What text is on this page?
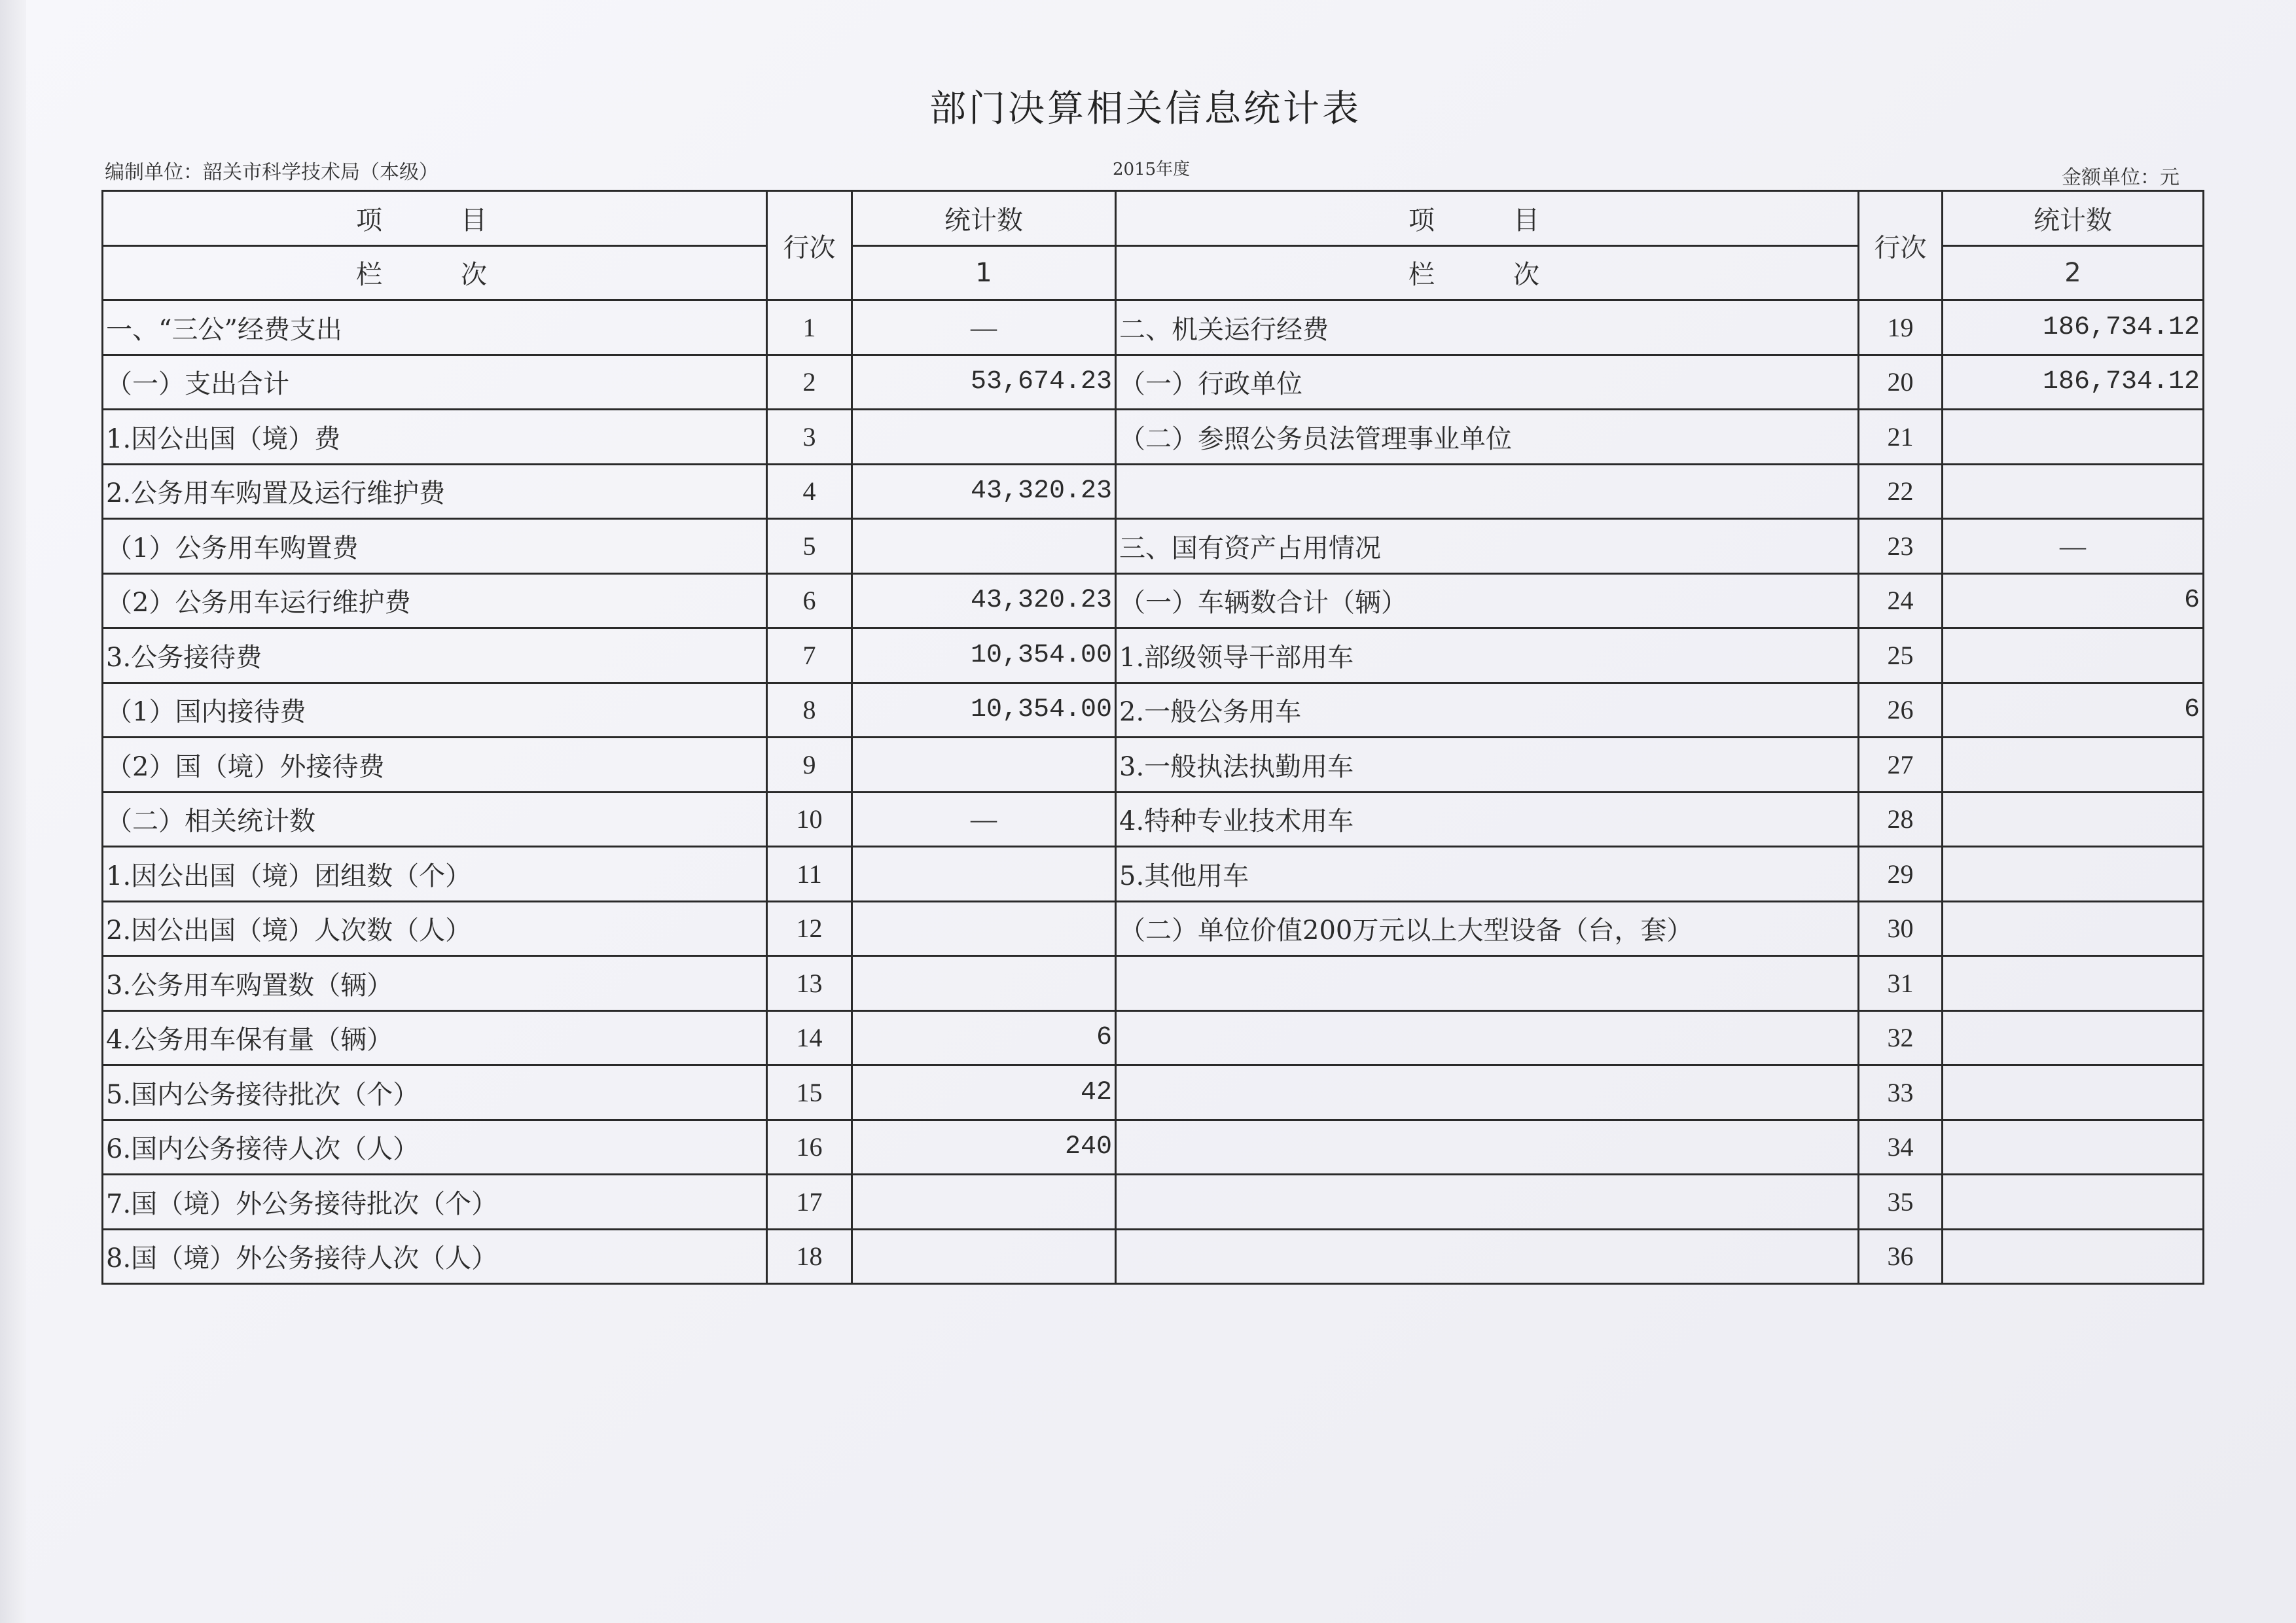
部门决算相关信息统计表
编制单位：韶关市科学技术局（本级）	2015年度	金额单位：元
项　目	行次	统计数	项　目	行次	统计数
栏　次		1	栏　次		2
一、“三公”经费支出	1	—	二、机关运行经费	19	186,734.12
（一）支出合计	2	53,674.23	（一）行政单位	20	186,734.12
1.因公出国（境）费	3		（二）参照公务员法管理事业单位	21	
2.公务用车购置及运行维护费	4	43,320.23		22	
（1）公务用车购置费	5		三、国有资产占用情况	23	—
（2）公务用车运行维护费	6	43,320.23	（一）车辆数合计（辆）	24	6
3.公务接待费	7	10,354.00	1.部级领导干部用车	25	
（1）国内接待费	8	10,354.00	2.一般公务用车	26	6
（2）国（境）外接待费	9		3.一般执法执勤用车	27	
（二）相关统计数	10	—	4.特种专业技术用车	28	
1.因公出国（境）团组数（个）	11		5.其他用车	29	
2.因公出国（境）人次数（人）	12		（二）单位价值200万元以上大型设备（台，套）	30	
3.公务用车购置数（辆）	13			31	
4.公务用车保有量（辆）	14	6		32	
5.国内公务接待批次（个）	15	42		33	
6.国内公务接待人次（人）	16	240		34	
7.国（境）外公务接待批次（个）	17			35	
8.国（境）外公务接待人次（人）	18			36	
